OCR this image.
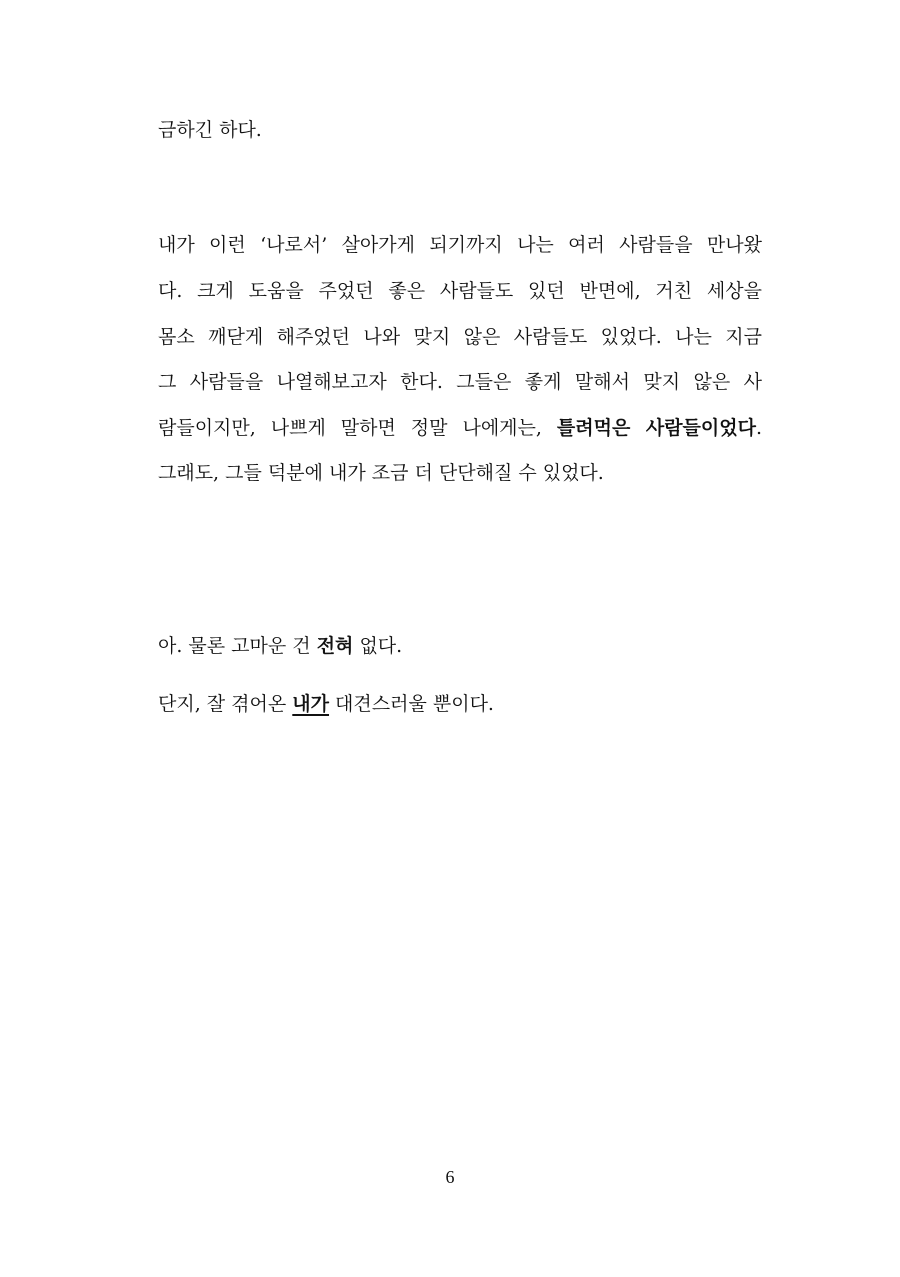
금하긴 하다.
내가 이런 ‘나로서’ 살아가게 되기까지 나는 여러 사람들을 만나왔
다. 크게 도움을 주었던 좋은 사람들도 있던 반면에, 거친 세상을
몸소 깨닫게 해주었던 나와 맞지 않은 사람들도 있었다. 나는 지금
그 사람들을 나열해보고자 한다. 그들은 좋게 말해서 맞지 않은 사
람들이지만, 나쁘게 말하면 정말 나에게는, 틀려먹은 사람들이었다.
그래도, 그들 덕분에 내가 조금 더 단단해질 수 있었다.
아. 물론 고마운 건 전혀 없다.
단지, 잘 겪어온 내가 대견스러울 뿐이다.
6
